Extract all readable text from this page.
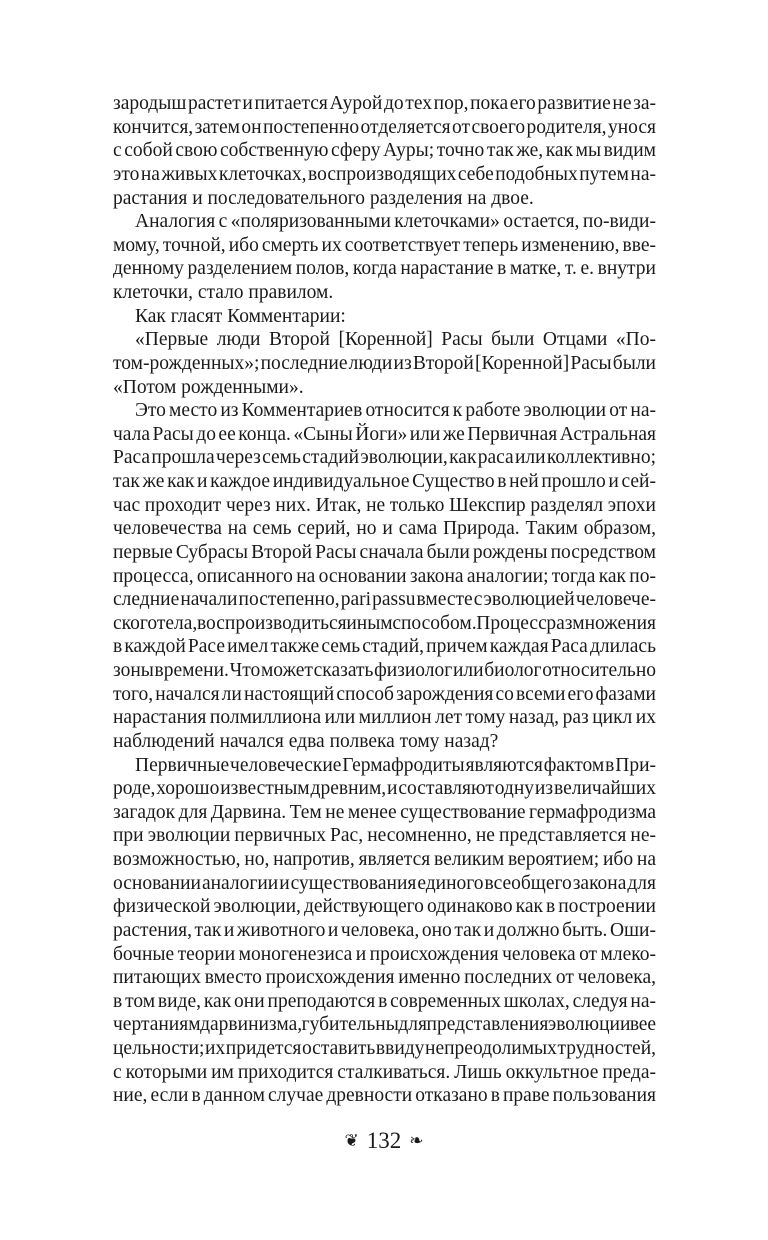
зародыш растет и питается Аурой до тех пор, пока его развитие не за-
кончится, затем он постепенно отделяется от своего родителя, унося
с собой свою собственную сферу Ауры; точно так же, как мы видим
это на живых клеточках, воспроизводящих себе подобных путем на-
растания и последовательного разделения на двое.
Аналогия с «поляризованными клеточками» остается, по-види-
мому, точной, ибо смерть их соответствует теперь изменению, вве-
денному разделением полов, когда нарастание в матке, т. е. внутри
клеточки, стало правилом.
Как гласят Комментарии:
«Первые люди Второй [Коренной] Расы были Отцами «По-
том-рожденных»; последние люди из Второй [Коренной] Расы были
«Потом рожденными».
Это место из Комментариев относится к работе эволюции от на-
чала Расы до ее конца. «Сыны Йоги» или же Первичная Астральная
Раса прошла через семь стадий эволюции, как раса или коллективно;
так же как и каждое индивидуальное Существо в ней прошло и сей-
час проходит через них. Итак, не только Шекспир разделял эпохи
человечества на семь серий, но и сама Природа. Таким образом,
первые Субрасы Второй Расы сначала были рождены посредством
процесса, описанного на основании закона аналогии; тогда как по-
следние начали постепенно, pari passu вместе с эволюцией человече-
ского тела, воспроизводиться иным способом. Процесс размножения
в каждой Расе имел также семь стадий, причем каждая Раса длилась
зоны времени. Что может сказать физиолог или биолог относительно
того, начался ли настоящий способ зарождения со всеми его фазами
нарастания полмиллиона или миллион лет тому назад, раз цикл их
наблюдений начался едва полвека тому назад?
Первичные человеческие Гермафродиты являются фактом в При-
роде, хорошо известным древним, и составляют одну из величайших
загадок для Дарвина. Тем не менее существование гермафродизма
при эволюции первичных Рас, несомненно, не представляется не-
возможностью, но, напротив, является великим вероятием; ибо на
основании аналогии и существования единого всеобщего закона для
физической эволюции, действующего одинаково как в построении
растения, так и животного и человека, оно так и должно быть. Оши-
бочные теории моногенезиса и происхождения человека от млеко-
питающих вместо происхождения именно последних от человека,
в том виде, как они преподаются в современных школах, следуя на-
чертаниям дарвинизма, губительны для представления эволюции в ее
цельности; их придется оставить ввиду непреодолимых трудностей,
с которыми им приходится сталкиваться. Лишь оккультное преда-
ние, если в данном случае древности отказано в праве пользования
❦ 132 ❧
